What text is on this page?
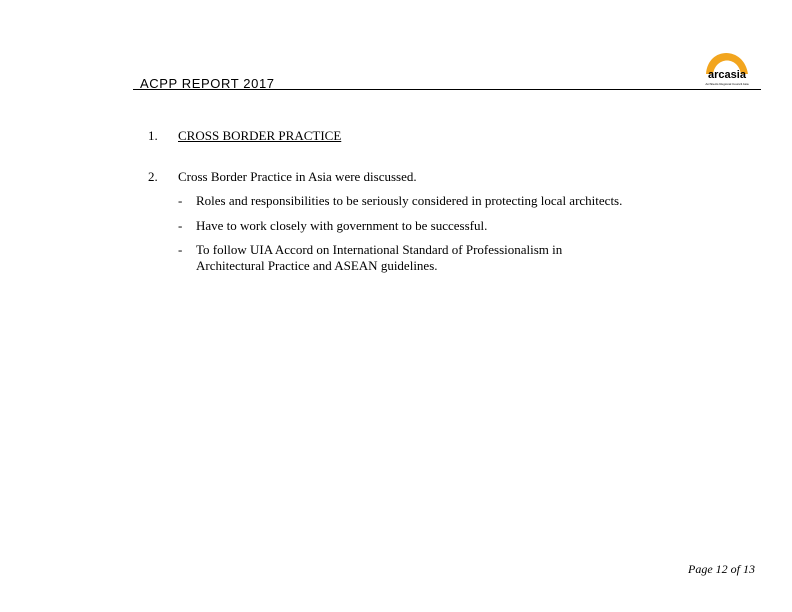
ACPP REPORT 2017
arcasia
Architects Regional Council Asia
1. CROSS BORDER PRACTICE
2. Cross Border Practice in Asia were discussed.
- Roles and responsibilities to be seriously considered in protecting local architects.
- Have to work closely with government to be successful.
- To follow UIA Accord on International Standard of Professionalism in
Architectural Practice and ASEAN guidelines.
Page 12 of 13
